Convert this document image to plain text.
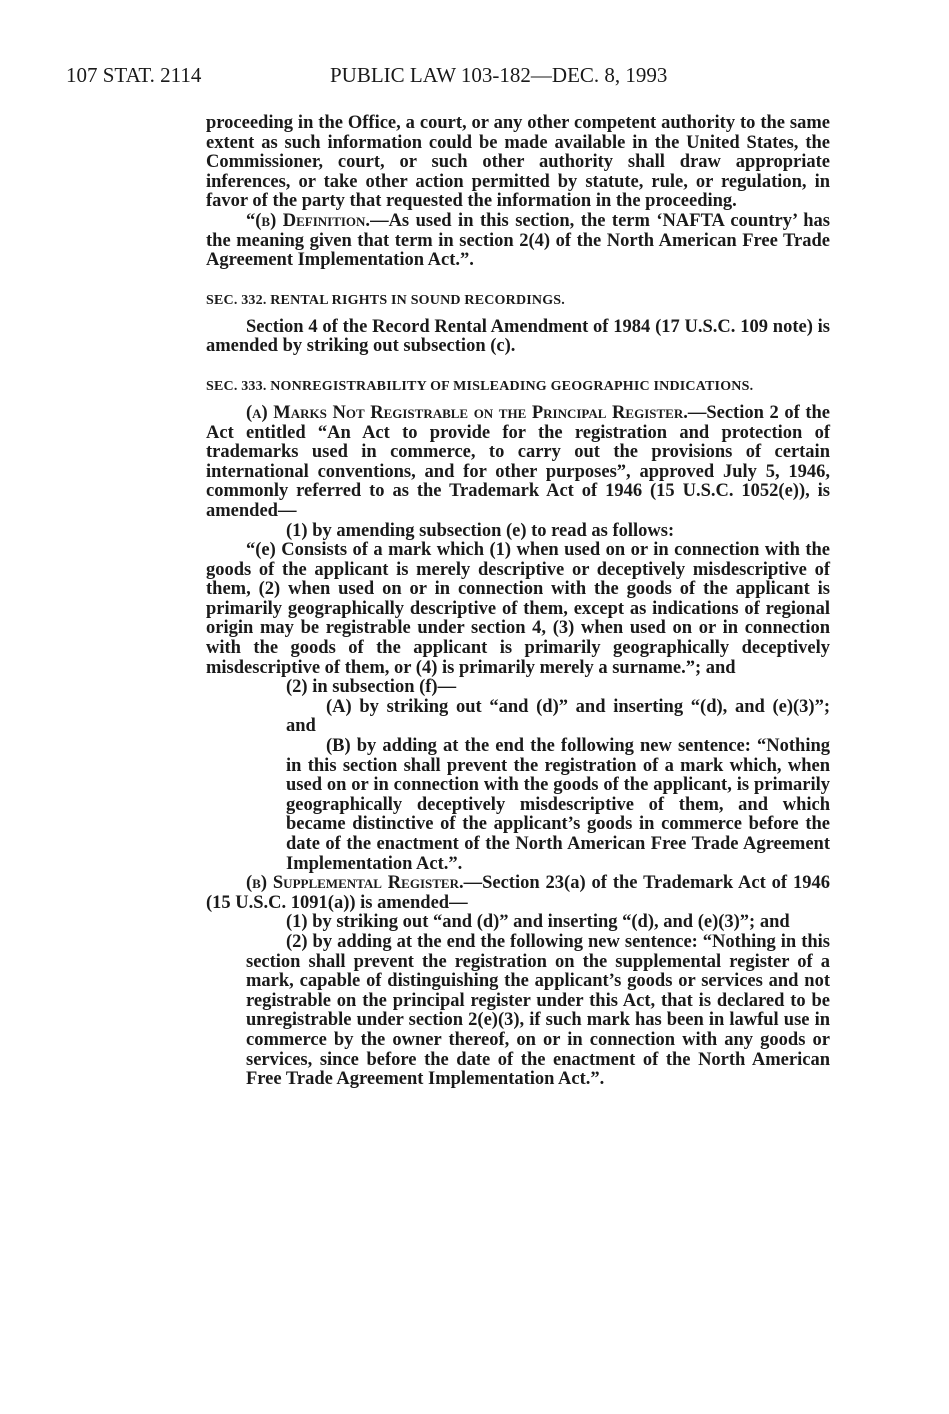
107 STAT. 2114	PUBLIC LAW 103-182—DEC. 8, 1993

proceeding in the Office, a court, or any other competent authority to the same extent as such information could be made available in the United States, the Commissioner, court, or such other authority shall draw appropriate inferences, or take other action permitted by statute, rule, or regulation, in favor of the party that requested the information in the proceeding.

“(b) Definition.—As used in this section, the term ‘NAFTA country’ has the meaning given that term in section 2(4) of the North American Free Trade Agreement Implementation Act.”.

SEC. 332. RENTAL RIGHTS IN SOUND RECORDINGS.

Section 4 of the Record Rental Amendment of 1984 (17 U.S.C. 109 note) is amended by striking out subsection (c).

SEC. 333. NONREGISTRABILITY OF MISLEADING GEOGRAPHIC INDICATIONS.

(a) Marks Not Registrable on the Principal Register.—Section 2 of the Act entitled “An Act to provide for the registration and protection of trademarks used in commerce, to carry out the provisions of certain international conventions, and for other purposes”, approved July 5, 1946, commonly referred to as the Trademark Act of 1946 (15 U.S.C. 1052(e)), is amended—

(1) by amending subsection (e) to read as follows:

“(e) Consists of a mark which (1) when used on or in connection with the goods of the applicant is merely descriptive or deceptively misdescriptive of them, (2) when used on or in connection with the goods of the applicant is primarily geographically descriptive of them, except as indications of regional origin may be registrable under section 4, (3) when used on or in connection with the goods of the applicant is primarily geographically deceptively misdescriptive of them, or (4) is primarily merely a surname.”; and

(2) in subsection (f)—

(A) by striking out “and (d)” and inserting “(d), and (e)(3)”; and

(B) by adding at the end the following new sentence: “Nothing in this section shall prevent the registration of a mark which, when used on or in connection with the goods of the applicant, is primarily geographically deceptively misdescriptive of them, and which became distinctive of the applicant’s goods in commerce before the date of the enactment of the North American Free Trade Agreement Implementation Act.”.

(b) Supplemental Register.—Section 23(a) of the Trademark Act of 1946 (15 U.S.C. 1091(a)) is amended—

(1) by striking out “and (d)” and inserting “(d), and (e)(3)”; and

(2) by adding at the end the following new sentence: “Nothing in this section shall prevent the registration on the supplemental register of a mark, capable of distinguishing the applicant’s goods or services and not registrable on the principal register under this Act, that is declared to be unregistrable under section 2(e)(3), if such mark has been in lawful use in commerce by the owner thereof, on or in connection with any goods or services, since before the date of the enactment of the North American Free Trade Agreement Implementation Act.”.
